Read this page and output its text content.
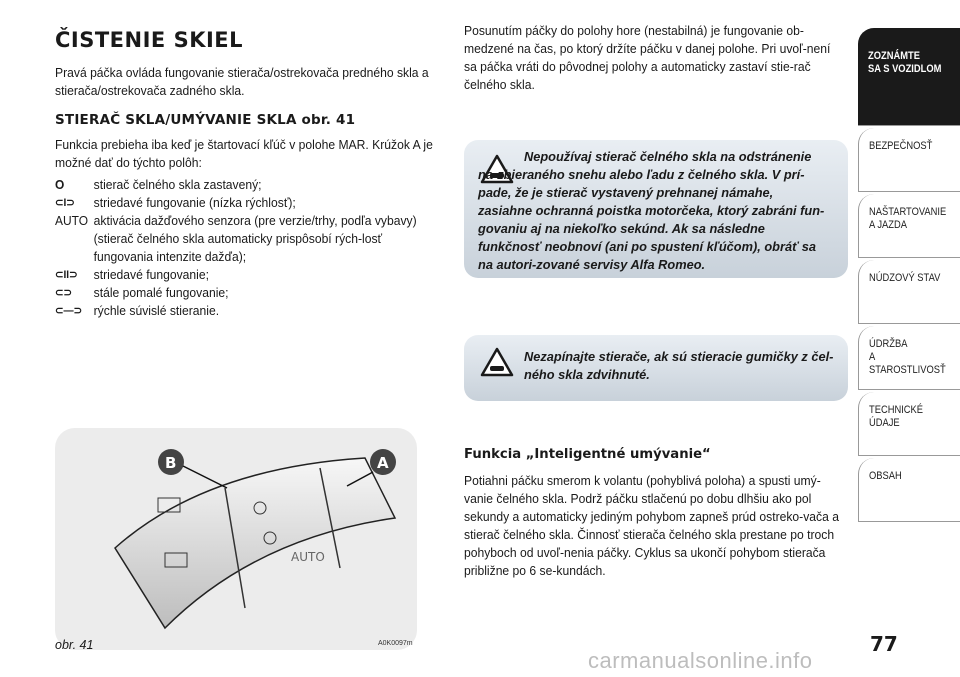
ČISTENIE SKIEL

Pravá páčka ovláda fungovanie stierača/ostrekovača predného skla a stierača/ostrekovača zadného skla.

STIERAČ SKLA/UMÝVANIE SKLA obr. 41

Funkcia prebieha iba keď je štartovací kľúč v polohe MAR. Krúžok A je možné dať do týchto polôh:

O	stierač čelného skla zastavený;
⊂I⊃	striedavé fungovanie (nízka rýchlosť);
AUTO aktivácia dažďového senzora (pre verzie/trhy, podľa vybavy) (stierač čelného skla automaticky prispôsobí rých-losť fungovania intenzite dažďa);
⊂II⊃	striedavé fungovanie;
⊂⊃	stále pomalé fungovanie;
⊂—⊃ rýchle súvislé stieranie.
AUTO
B	A
obr. 41	A0K0097m

Posunutím páčky do polohy hore (nestabilná) je fungovanie ob-medzené na čas, po ktorý držíte páčku v danej polohe. Pri uvoľ-není sa páčka vráti do pôvodnej polohy a automaticky zastaví stie-rač čelného skla.

Nepoužívaj stierač čelného skla na odstránenie na-zbieraného snehu alebo ľadu z čelného skla. V prí-pade, že je stierač vystavený prehnanej námahe, zasiahne ochranná poistka motorčeka, ktorý zabráni fun-govaniu aj na niekoľko sekúnd. Ak sa následne funkčnosť neobnoví (ani po spustení kľúčom), obráť sa na autori-zované servisy Alfa Romeo.
Nezapínajte stierače, ak sú stieracie gumičky z čel-ného skla zdvihnuté.
Funkcia „Inteligentné umývanie“

Potiahni páčku smerom k volantu (pohyblivá poloha) a spusti umý-vanie čelného skla. Podrž páčku stlačenú po dobu dlhšiu ako pol sekundy a automaticky jediným pohybom zapneš prúd ostreko-vača a stierač čelného skla. Činnosť stierača čelného skla prestane po troch pohyboch od uvoľ-nenia páčky. Cyklus sa ukončí pohybom stierača približne po 6 se-kundách.

ZOZNÁMTE
SA S VOZIDLOM
BEZPEČNOSŤ
NAŠTARTOVANIE
A JAZDA
NÚDZOVÝ STAV
ÚDRŽBA
A STAROSTLIVOSŤ
TECHNICKÉ
ÚDAJE
OBSAH
77
carmanualsonline.info
